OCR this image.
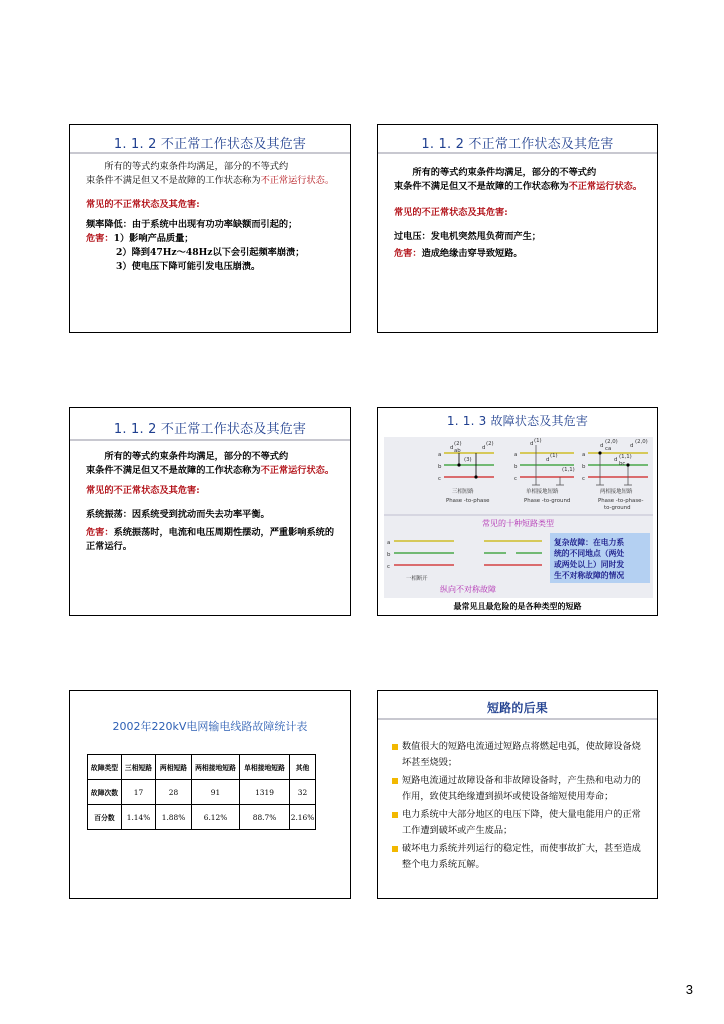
1. 1. 2 不正常工作状态及其危害
所有的等式约束条件均满足，部分的不等式约
束条件不满足但又不是故障的工作状态称为不正常运行状态。
常见的不正常状态及其危害:
频率降低：由于系统中出现有功功率缺额而引起的；
危害：1）影响产品质量；
2）降到47Hz～48Hz以下会引起频率崩溃；
3）使电压下降可能引发电压崩溃。
1. 1. 2 不正常工作状态及其危害
所有的等式约束条件均满足，部分的不等式约
束条件不满足但又不是故障的工作状态称为不正常运行状态。
常见的不正常状态及其危害:
过电压：发电机突然甩负荷而产生；
危害：造成绝缘击穿导致短路。
1. 1. 2 不正常工作状态及其危害
所有的等式约束条件均满足，部分的不等式约
束条件不满足但又不是故障的工作状态称为不正常运行状态。
常见的不正常状态及其危害:
系统振荡：因系统受到扰动而失去功率平衡。
危害：系统振荡时，电流和电压周期性摆动，严重影响系统的正常运行。
1. 1. 3 故障状态及其危害
a
b
c
d
(2)
ab	d
(2)
(3)
三相短路
Phase -to-phase
a
b
c
d (1)
d
(1)
(1,1)
单相接地短路
Phase -to-ground
a
b
c
d
(2,0)
ca	d
(2,0)
d (1,1)
bc
两相接地短路
Phase -to-phase-
to-ground
常见的十种短路类型
a
b
c
一相断开
纵向不对称故障
复杂故障：在电力系
统的不同地点（两处
或两处以上）同时发
生不对称故障的情况
最常见且最危险的是各种类型的短路
2002年220kV电网输电线路故障统计表
故障类型	三相短路	两相短路	两相接地短路	单相接地短路	其他
故障次数	17	28	91	1319	32
百分数	1.14%	1.88%	6.12%	88.7%	2.16%
短路的后果
数值很大的短路电流通过短路点将燃起电弧，使故障设备烧坏甚至烧毁；
短路电流通过故障设备和非故障设备时，产生热和电动力的作用，致使其绝缘遭到损坏或使设备缩短使用寿命；
电力系统中大部分地区的电压下降，使大量电能用户的正常工作遭到破坏或产生废品；
破坏电力系统并列运行的稳定性，而使事故扩大，甚至造成整个电力系统瓦解。
3
